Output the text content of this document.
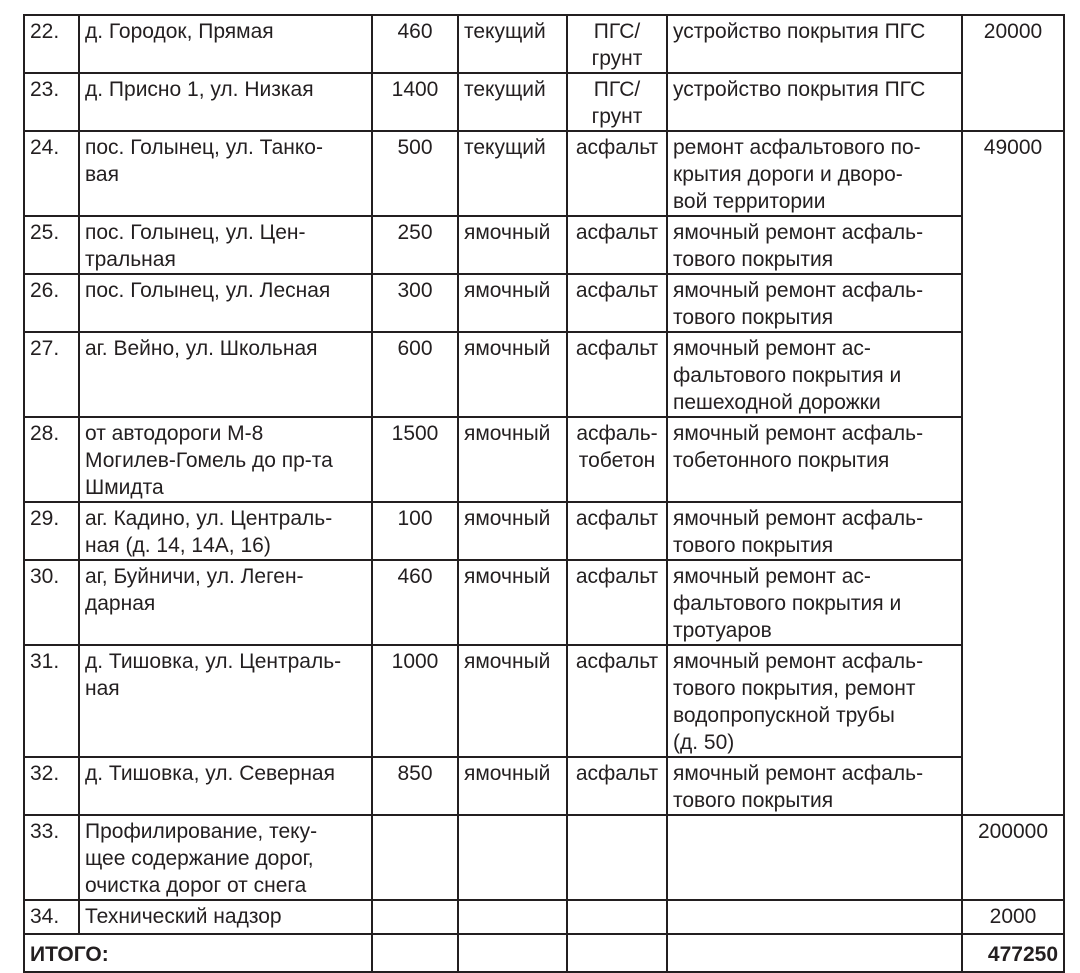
22.	д. Городок, Прямая	460	текущий	ПГС/
грунт	устройство покрытия ПГС	20000
23.	д. Присно 1, ул. Низкая	1400	текущий	ПГС/
грунт	устройство покрытия ПГС	
24.	пос. Голынец, ул. Танко-
вая	500	текущий	асфальт	ремонт асфальтового по-
крытия дороги и дворо-
вой территории	49000
25.	пос. Голынец, ул. Цен-
тральная	250	ямочный	асфальт	ямочный ремонт асфаль-
тового покрытия	
26.	пос. Голынец, ул. Лесная	300	ямочный	асфальт	ямочный ремонт асфаль-
тового покрытия	
27.	аг. Вейно, ул. Школьная	600	ямочный	асфальт	ямочный ремонт ас-
фальтового покрытия и
пешеходной дорожки	
28.	от автодороги М-8
Могилев-Гомель до пр-та
Шмидта	1500	ямочный	асфаль-
тобетон	ямочный ремонт асфаль-
тобетонного покрытия	
29.	аг. Кадино, ул. Централь-
ная (д. 14, 14А, 16)	100	ямочный	асфальт	ямочный ремонт асфаль-
тового покрытия	
30.	аг, Буйничи, ул. Леген-
дарная	460	ямочный	асфальт	ямочный ремонт ас-
фальтового покрытия и
тротуаров	
31.	д. Тишовка, ул. Централь-
ная	1000	ямочный	асфальт	ямочный ремонт асфаль-
тового покрытия, ремонт
водопропускной трубы
(д. 50)	
32.	д. Тишовка, ул. Северная	850	ямочный	асфальт	ямочный ремонт асфаль-
тового покрытия	
33.	Профилирование, теку-
щее содержание дорог,
очистка дорог от снега					200000
34.	Технический надзор					2000
ИТОГО:						477250
